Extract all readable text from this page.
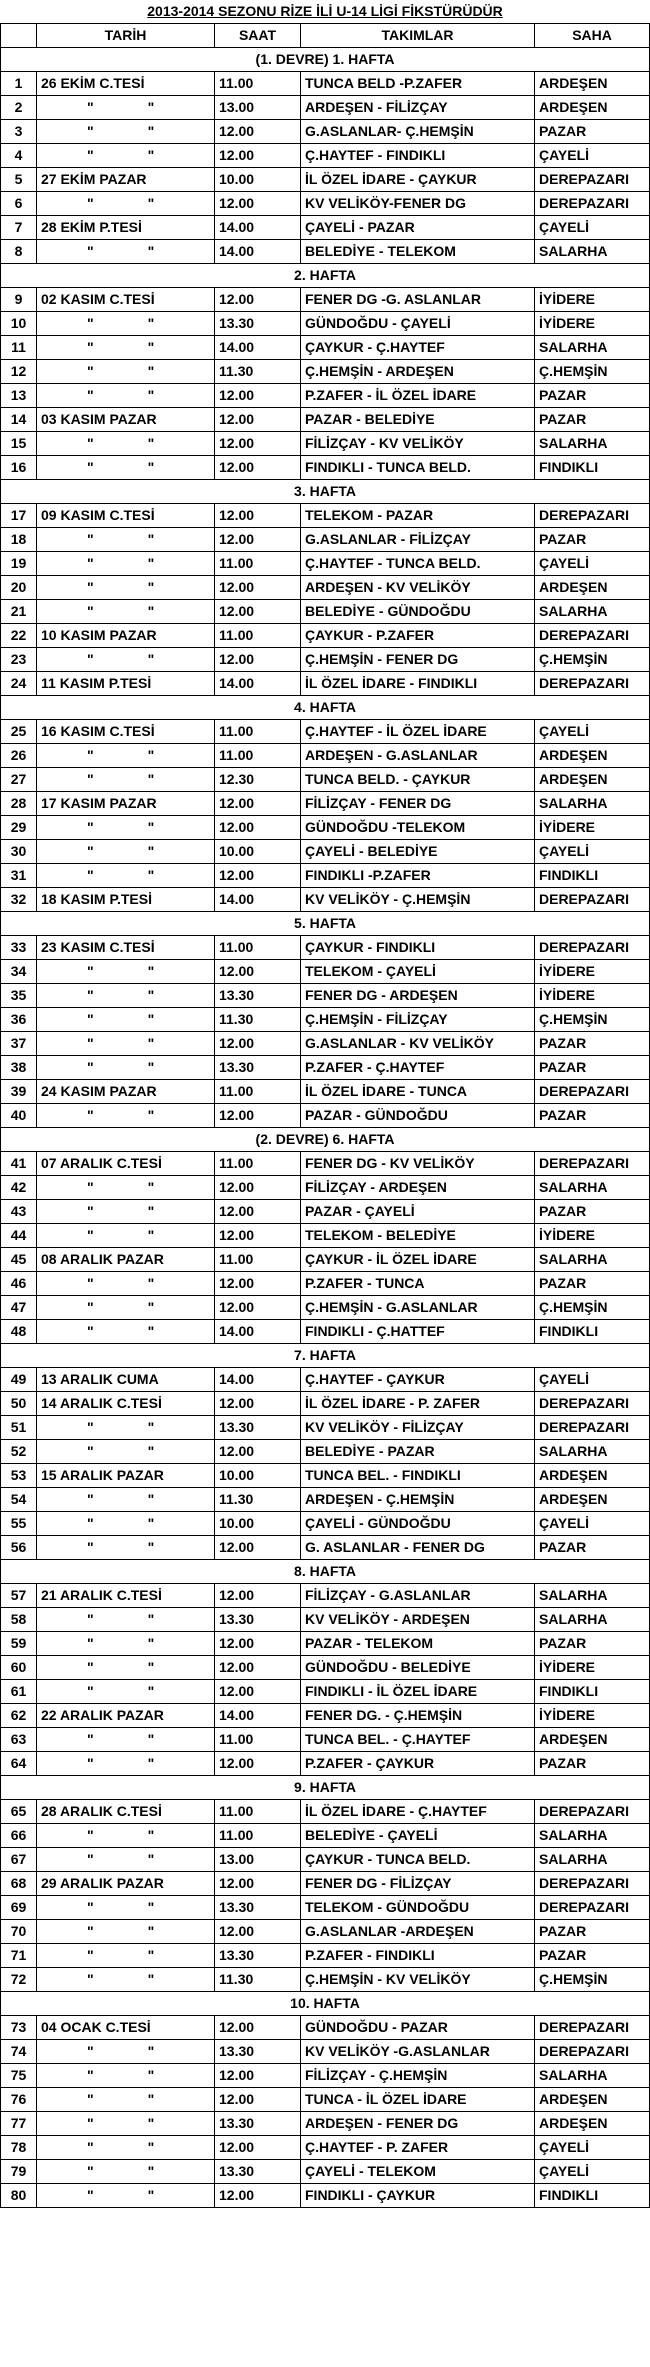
2013-2014 SEZONU RİZE İLİ U-14 LİGİ FİKSTÜRÜDÜR				
	TARİH	SAAT	TAKIMLAR	SAHA
(1. DEVRE) 1. HAFTA				
1	26 EKİM C.TESİ	11.00	TUNCA BELD -P.ZAFER	ARDEŞEN
2	" "	13.00	ARDEŞEN - FİLİZÇAY	ARDEŞEN
3	" "	12.00	G.ASLANLAR- Ç.HEMŞİN	PAZAR
4	" "	12.00	Ç.HAYTEF - FINDIKLI	ÇAYELİ
5	27 EKİM PAZAR	10.00	İL ÖZEL İDARE - ÇAYKUR	DEREPAZARI
6	" "	12.00	KV VELİKÖY-FENER DG	DEREPAZARI
7	28 EKİM P.TESİ	14.00	ÇAYELİ - PAZAR	ÇAYELİ
8	" "	14.00	BELEDİYE - TELEKOM	SALARHA
2. HAFTA				
9	02 KASIM C.TESİ	12.00	FENER DG -G. ASLANLAR	İYİDERE
10	" "	13.30	GÜNDOĞDU - ÇAYELİ	İYİDERE
11	" "	14.00	ÇAYKUR - Ç.HAYTEF	SALARHA
12	" "	11.30	Ç.HEMŞİN - ARDEŞEN	Ç.HEMŞİN
13	" "	12.00	P.ZAFER - İL ÖZEL İDARE	PAZAR
14	03 KASIM PAZAR	12.00	PAZAR - BELEDİYE	PAZAR
15	" "	12.00	FİLİZÇAY - KV VELİKÖY	SALARHA
16	" "	12.00	FINDIKLI - TUNCA BELD.	FINDIKLI
3. HAFTA				
17	09 KASIM C.TESİ	12.00	TELEKOM - PAZAR	DEREPAZARI
18	" "	12.00	G.ASLANLAR - FİLİZÇAY	PAZAR
19	" "	11.00	Ç.HAYTEF - TUNCA BELD.	ÇAYELİ
20	" "	12.00	ARDEŞEN - KV VELİKÖY	ARDEŞEN
21	" "	12.00	BELEDİYE - GÜNDOĞDU	SALARHA
22	10 KASIM PAZAR	11.00	ÇAYKUR - P.ZAFER	DEREPAZARI
23	" "	12.00	Ç.HEMŞİN - FENER DG	Ç.HEMŞİN
24	11 KASIM P.TESİ	14.00	İL ÖZEL İDARE - FINDIKLI	DEREPAZARI
4. HAFTA				
25	16 KASIM C.TESİ	11.00	Ç.HAYTEF - İL ÖZEL İDARE	ÇAYELİ
26	" "	11.00	ARDEŞEN - G.ASLANLAR	ARDEŞEN
27	" "	12.30	TUNCA BELD. - ÇAYKUR	ARDEŞEN
28	17 KASIM PAZAR	12.00	FİLİZÇAY - FENER DG	SALARHA
29	" "	12.00	GÜNDOĞDU -TELEKOM	İYİDERE
30	" "	10.00	ÇAYELİ - BELEDİYE	ÇAYELİ
31	" "	12.00	FINDIKLI -P.ZAFER	FINDIKLI
32	18 KASIM P.TESİ	14.00	KV VELİKÖY - Ç.HEMŞİN	DEREPAZARI
5. HAFTA				
33	23 KASIM C.TESİ	11.00	ÇAYKUR - FINDIKLI	DEREPAZARI
34	" "	12.00	TELEKOM - ÇAYELİ	İYİDERE
35	" "	13.30	FENER DG - ARDEŞEN	İYİDERE
36	" "	11.30	Ç.HEMŞİN - FİLİZÇAY	Ç.HEMŞİN
37	" "	12.00	G.ASLANLAR - KV VELİKÖY	PAZAR
38	" "	13.30	P.ZAFER - Ç.HAYTEF	PAZAR
39	24 KASIM PAZAR	11.00	İL ÖZEL İDARE - TUNCA	DEREPAZARI
40	" "	12.00	PAZAR - GÜNDOĞDU	PAZAR
(2. DEVRE) 6. HAFTA				
41	07 ARALIK C.TESİ	11.00	FENER DG - KV VELİKÖY	DEREPAZARI
42	" "	12.00	FİLİZÇAY - ARDEŞEN	SALARHA
43	" "	12.00	PAZAR - ÇAYELİ	PAZAR
44	" "	12.00	TELEKOM - BELEDİYE	İYİDERE
45	08 ARALIK PAZAR	11.00	ÇAYKUR - İL ÖZEL İDARE	SALARHA
46	" "	12.00	P.ZAFER - TUNCA	PAZAR
47	" "	12.00	Ç.HEMŞİN - G.ASLANLAR	Ç.HEMŞİN
48	" "	14.00	FINDIKLI - Ç.HATTEF	FINDIKLI
7. HAFTA				
49	13 ARALIK CUMA	14.00	Ç.HAYTEF - ÇAYKUR	ÇAYELİ
50	14 ARALIK C.TESİ	12.00	İL ÖZEL İDARE - P. ZAFER	DEREPAZARI
51	" "	13.30	KV VELİKÖY - FİLİZÇAY	DEREPAZARI
52	" "	12.00	BELEDİYE - PAZAR	SALARHA
53	15 ARALIK PAZAR	10.00	TUNCA BEL. - FINDIKLI	ARDEŞEN
54	" "	11.30	ARDEŞEN - Ç.HEMŞİN	ARDEŞEN
55	" "	10.00	ÇAYELİ - GÜNDOĞDU	ÇAYELİ
56	" "	12.00	G. ASLANLAR - FENER DG	PAZAR
8. HAFTA				
57	21 ARALIK C.TESİ	12.00	FİLİZÇAY - G.ASLANLAR	SALARHA
58	" "	13.30	KV VELİKÖY - ARDEŞEN	SALARHA
59	" "	12.00	PAZAR - TELEKOM	PAZAR
60	" "	12.00	GÜNDOĞDU - BELEDİYE	İYİDERE
61	" "	12.00	FINDIKLI - İL ÖZEL İDARE	FINDIKLI
62	22 ARALIK PAZAR	14.00	FENER DG. - Ç.HEMŞİN	İYİDERE
63	" "	11.00	TUNCA BEL. - Ç.HAYTEF	ARDEŞEN
64	" "	12.00	P.ZAFER - ÇAYKUR	PAZAR
9. HAFTA				
65	28 ARALIK C.TESİ	11.00	İL ÖZEL İDARE - Ç.HAYTEF	DEREPAZARI
66	" "	11.00	BELEDİYE - ÇAYELİ	SALARHA
67	" "	13.00	ÇAYKUR - TUNCA BELD.	SALARHA
68	29 ARALIK PAZAR	12.00	FENER DG - FİLİZÇAY	DEREPAZARI
69	" "	13.30	TELEKOM - GÜNDOĞDU	DEREPAZARI
70	" "	12.00	G.ASLANLAR -ARDEŞEN	PAZAR
71	" "	13.30	P.ZAFER - FINDIKLI	PAZAR
72	" "	11.30	Ç.HEMŞİN - KV VELİKÖY	Ç.HEMŞİN
10. HAFTA				
73	04 OCAK C.TESİ	12.00	GÜNDOĞDU - PAZAR	DEREPAZARI
74	" "	13.30	KV VELİKÖY -G.ASLANLAR	DEREPAZARI
75	" "	12.00	FİLİZÇAY - Ç.HEMŞİN	SALARHA
76	" "	12.00	TUNCA - İL ÖZEL İDARE	ARDEŞEN
77	" "	13.30	ARDEŞEN - FENER DG	ARDEŞEN
78	" "	12.00	Ç.HAYTEF - P. ZAFER	ÇAYELİ
79	" "	13.30	ÇAYELİ - TELEKOM	ÇAYELİ
80	" "	12.00	FINDIKLI - ÇAYKUR	FINDIKLI
